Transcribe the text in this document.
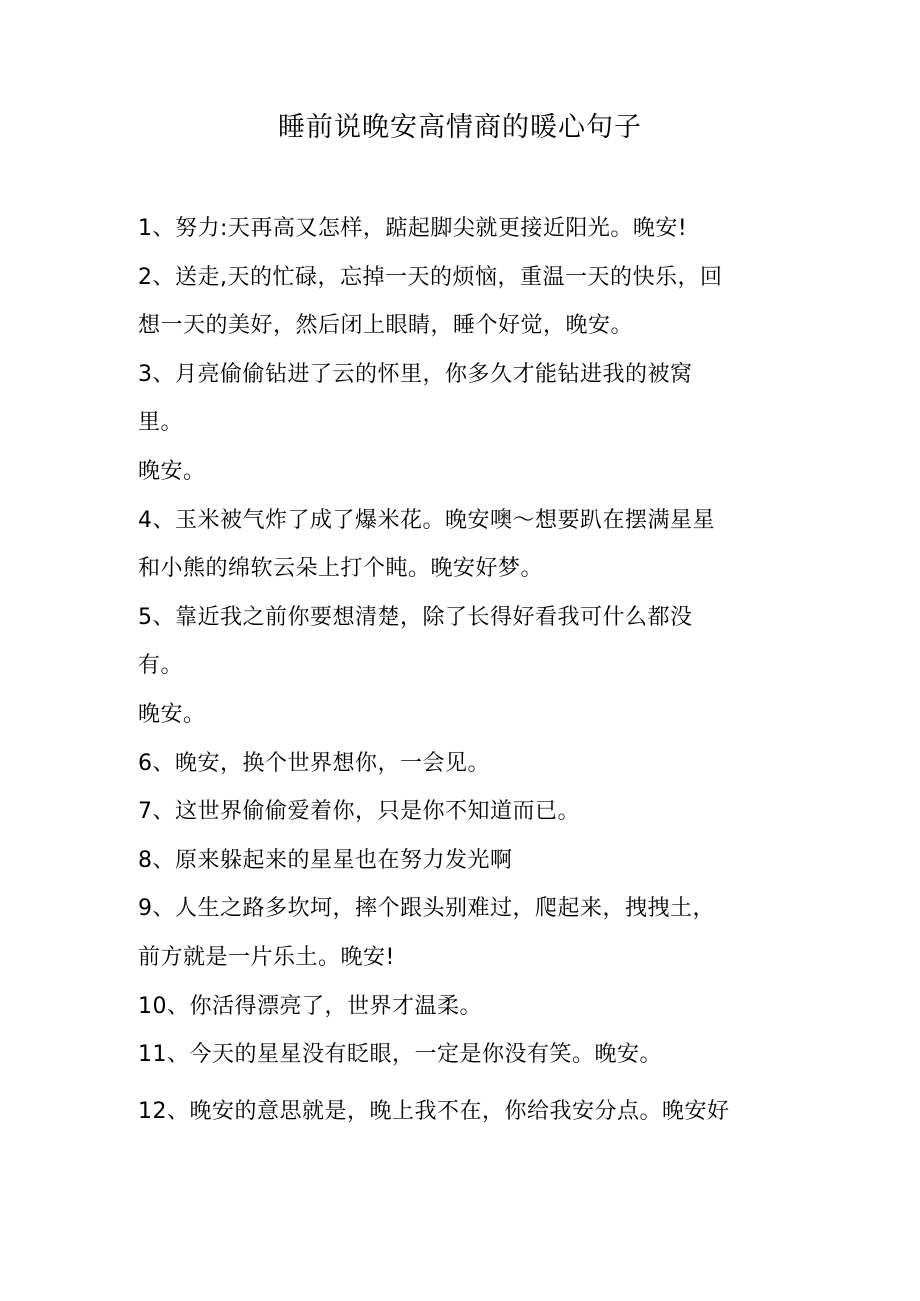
睡前说晚安高情商的暖心句子
1、努力:天再高又怎样，踮起脚尖就更接近阳光。晚安!
2、送走,天的忙碌，忘掉一天的烦恼，重温一天的快乐，回
想一天的美好，然后闭上眼睛，睡个好觉，晚安。
3、月亮偷偷钻进了云的怀里，你多久才能钻进我的被窝
里。
晚安。
4、玉米被气炸了成了爆米花。晚安噢～想要趴在摆满星星
和小熊的绵软云朵上打个盹。晚安好梦。
5、靠近我之前你要想清楚，除了长得好看我可什么都没
有。
晚安。
6、晚安，换个世界想你，一会见。
7、这世界偷偷爱着你，只是你不知道而已。
8、原来躲起来的星星也在努力发光啊
9、人生之路多坎坷，摔个跟头别难过，爬起来，拽拽土，
前方就是一片乐土。晚安!
10、你活得漂亮了，世界才温柔。
11、今天的星星没有眨眼，一定是你没有笑。晚安。
12、晚安的意思就是，晚上我不在，你给我安分点。晚安好
